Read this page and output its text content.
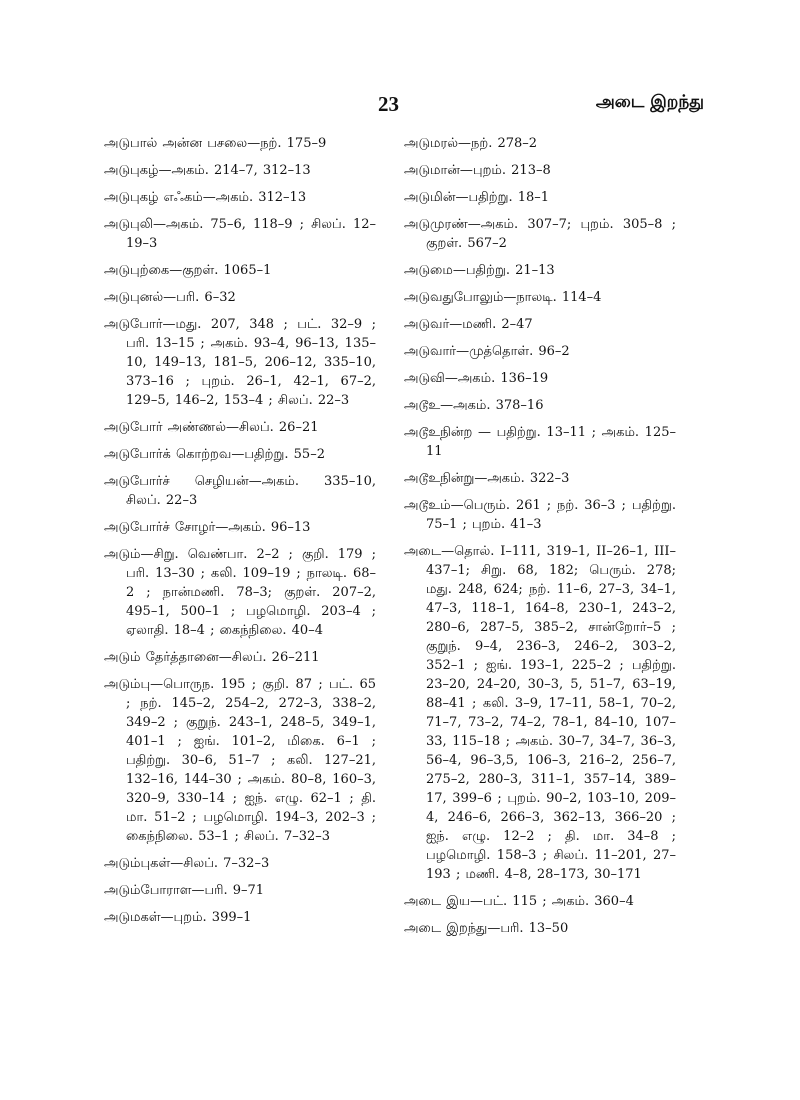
23	அடை இறந்து
அடுபால் அன்ன பசலை—நற். 175–9
அடுபுகழ்—அகம். 214–7, 312–13
அடுபுகழ் எஃகம்—அகம். 312–13
அடுபுலி—அகம். 75–6, 118–9 ; சிலப். 12–19–3
அடுபுற்கை—குறள். 1065–1
அடுபுனல்—பரி. 6–32
அடுபோர்—மது. 207, 348 ; பட். 32–9 ; பரி. 13–15 ; அகம். 93–4, 96–13, 135–10, 149–13, 181–5, 206–12, 335–10, 373–16 ; புறம். 26–1, 42–1, 67–2, 129–5, 146–2, 153–4 ; சிலப். 22–3
அடுபோர் அண்ணல்—சிலப். 26–21
அடுபோர்க் கொற்றவ—பதிற்று. 55–2
அடுபோர்ச் செழியன்—அகம். 335–10, சிலப். 22–3
அடுபோர்ச் சோழர்—அகம். 96–13
அடும்—சிறு. வெண்பா. 2–2 ; குறி. 179 ; பரி. 13–30 ; கலி. 109–19 ; நாலடி. 68–2 ; நான்மணி. 78–3; குறள். 207–2, 495–1, 500–1 ; பழமொழி. 203–4 ; ஏலாதி. 18–4 ; கைந்நிலை. 40–4
அடும் தேர்த்தானை—சிலப். 26–211
அடும்பு—பொருந. 195 ; குறி. 87 ; பட். 65 ; நற். 145–2, 254–2, 272–3, 338–2, 349–2 ; குறுந். 243–1, 248–5, 349–1, 401–1 ; ஐங். 101–2, மிகை. 6–1 ; பதிற்று. 30–6, 51–7 ; கலி. 127–21, 132–16, 144–30 ; அகம். 80–8, 160–3, 320–9, 330–14 ; ஐந். எழு. 62–1 ; தி. மா. 51–2 ; பழமொழி. 194–3, 202–3 ; கைந்நிலை. 53–1 ; சிலப். 7–32–3
அடும்புகள்—சிலப். 7–32–3
அடும்போராள—பரி. 9–71
அடுமகள்—புறம். 399–1
அடுமரல்—நற். 278–2
அடுமான்—புறம். 213–8
அடுமின்—பதிற்று. 18–1
அடுமுரண்—அகம். 307–7; புறம். 305–8 ; குறள். 567–2
அடுமை—பதிற்று. 21–13
அடுவதுபோலும்—நாலடி. 114–4
அடுவர்—மணி. 2–47
அடுவார்—முத்தொள். 96–2
அடுவி—அகம். 136–19
அடூஉ—அகம். 378–16
அடூஉநின்ற — பதிற்று. 13–11 ; அகம். 125–11
அடூஉநின்று—அகம். 322–3
அடூஉம்—பெரும். 261 ; நற். 36–3 ; பதிற்று. 75–1 ; புறம். 41–3
அடை—தொல். I–111, 319–1, II–26–1, III–437–1; சிறு. 68, 182; பெரும். 278; மது. 248, 624; நற். 11–6, 27–3, 34–1, 47–3, 118–1, 164–8, 230–1, 243–2, 280–6, 287–5, 385–2, சான்றோர்–5 ; குறுந். 9–4, 236–3, 246–2, 303–2, 352–1 ; ஐங். 193–1, 225–2 ; பதிற்று. 23–20, 24–20, 30–3, 5, 51–7, 63–19, 88–41 ; கலி. 3–9, 17–11, 58–1, 70–2, 71–7, 73–2, 74–2, 78–1, 84–10, 107–33, 115–18 ; அகம். 30–7, 34–7, 36–3, 56–4, 96–3,5, 106–3, 216–2, 256–7, 275–2, 280–3, 311–1, 357–14, 389–17, 399–6 ; புறம். 90–2, 103–10, 209–4, 246–6, 266–3, 362–13, 366–20 ; ஐந். எழு. 12–2 ; தி. மா. 34–8 ; பழமொழி. 158–3 ; சிலப். 11–201, 27–193 ; மணி. 4–8, 28–173, 30–171
அடை இய—பட். 115 ; அகம். 360–4
அடை இறந்து—பரி. 13–50
